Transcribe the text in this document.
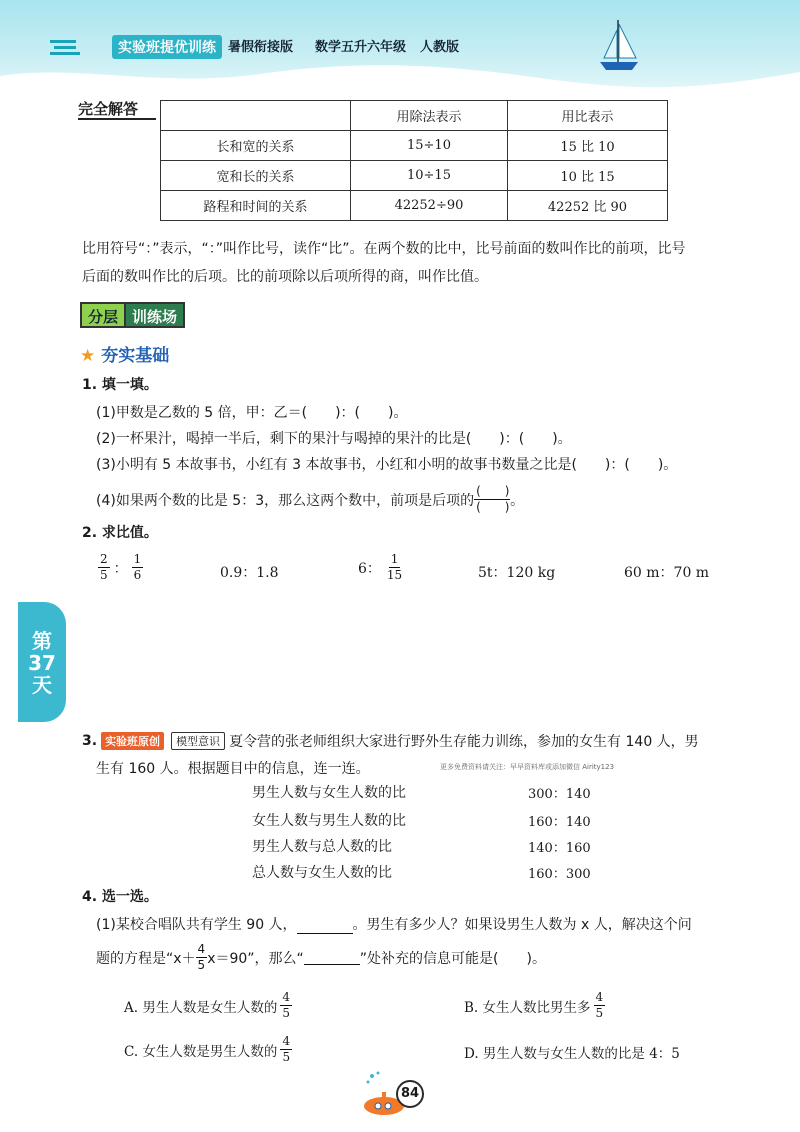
实验班提优训练 暑假衔接版 数学五升六年级 人教版
完全解答
		用除法表示	用比表示
长和宽的关系	15÷10	15 比 10
宽和长的关系	10÷15	10 比 15
路程和时间的关系	42252÷90	42252 比 90
比用符号“：”表示，“：”叫作比号，读作“比”。在两个数的比中，比号前面的数叫作比的前项，比号
后面的数叫作比的后项。比的前项除以后项所得的商，叫作比值。
分层 训练场
★ 夯实基础
1. 填一填。
(1)甲数是乙数的 5 倍，甲：乙＝(　　)：(　　)。
(2)一杯果汁，喝掉一半后，剩下的果汁与喝掉的果汁的比是(　　)：(　　)。
(3)小明有 5 本故事书，小红有 3 本故事书，小红和小明的故事书数量之比是(　　)：(　　)。
(4)如果两个数的比是 5：3，那么这两个数中，前项是后项的 $\frac{( )}{( )}$ 。
2. 求比值。
$\frac{2}{5}$ ： $\frac{1}{6}$	0.9：1.8	6： $\frac{1}{15}$	5t：120 kg	60 m：70 m
第
37
天
3. 实验班原创	模型意识 夏令营的张老师组织大家进行野外生存能力训练，参加的女生有 140 人，男
生有 160 人。根据题目中的信息，连一连。	更多免费资料请关注：早早资料库或添加微信 Airity123
男生人数与女生人数的比
女生人数与男生人数的比
男生人数与总人数的比
总人数与女生人数的比
300：140
160：140
140：160
160：300
4. 选一选。
(1)某校合唱队共有学生 90 人，	。男生有多少人？如果设男生人数为 x 人，解决这个问
题的方程是“$x+ \frac{4}{5} x=90$”，那么“	”处补充的信息可能是(　　)。
A. 男生人数是女生人数的 $\frac{4}{5}$	B. 女生人数比男生多 $\frac{4}{5}$
C. 女生人数是男生人数的 $\frac{4}{5}$	D. 男生人数与女生人数的比是 4：5
84
